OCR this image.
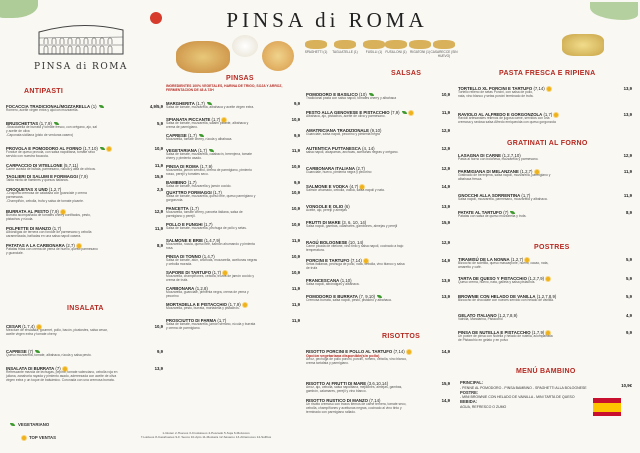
PINSA di ROMA
PINSA di ROMA
SPAGHETTI (1)	TAGLIATELLE (1)	FUSILLI (1) FUSILLONI (1)	RIGATONI (1) CASARECCE (SIN HUEVO)
ANTIPASTI
INSALATA
PINSAS
INGREDIENTES 100% VEGETALES, HARINA DE TRIGO, SOJA Y ARROZ, FERMENTACION DE 48 A 72H
SALSAS
RISOTTOS
PASTA FRESCA E RIPIENA
GRATINATI AL FORNO
POSTRES
MENÚ BAMBINO
FOCACCIA TRADICIONAL/MOZZARELLA (1)
Romero, aceite virgen extra y ajo/con mozzarella.
4,9/5,9
BRUSCHETTAS (1,7,9)
-Stracciatella de burrata y tomate fresco, con orégano, ajo, sal
y aceite de oliva
-Caponata siciliana (pisto de verduras casero)
5,9
PROVOLA E POMODORO AL FORNO (1,7,10)
Fondue de queso provola, con salsa napolitana, tomate seco
servido con nuestra focaccia.
10,9
CARPACCIO DI VITELLONE (5,7,11)
Carne curada de búfala, parmesano, rúcula y alita de cítricos.
11,9
TAGLIERI DI SALUMI E FORMAGGI (7,9)
Tabla mixta de fiambres y quesos italianos.
15,9
CROQUETAS X UND (1,2,7)
-Croqueta cremosa de calabaza con guanciale y crema
parmesana.
-Champiñón, cebolla, trufa y salsa de tomate picante.
2,5
BURRATA AL PESTO (7,9)
Burrata acompañada de tomates cherry confitados, pesto,
pistachos y rúcula.
12,9
POLPETTE DI MANZO (1,7)
Albóndigas de ternera con fondue de parmesano y cebolla
caramelizada, bañadas en una salsa napoli casera.
11,9
PATATAS A LA CARBONARA (2,7)
Patatas fritas con crema de yema de huevo, queso parmesano
y guanciale.
8,9
CESAR (1,7,4)
Mezclum de ensalada, gourmet, pollo, bacón, picatostes, salsa cesar,
aceite virgen extra y tomate cherry.
10,9
CAPRESE (7)
Queso mozzarella, tomate, albahaca, rúcula y salsa pesto.
9,9
INSALATA DI BURRATA (7)
Refrescante mezcla de lechugas, pepino, tomate valenciano, cebolla roja en
juliana, zanahoria rayada y pimiento asado, adereezada con aceite de oliva
virgen extra y un toque de balsámico. Coronada con una cremosa burrata.
13,9
MARGHERITA (1,7)
Salsa de tomate, mozzarella, albahaca y aceite virgen extra.
9,9
SPIANATA PICCANTE (1,7)
Salsa de tomate, mozzarella, salami picante, albahaca y
crema de parmigiano.
10,9
CAPRESE (1,7)
Mozzarella, tomate cherry, rúcula y albahaca.
9,9
VEGETARIANA (1,7)
Salsa de tomate, mozzarella, calabacín, berenjena, tomate
cherry y pimiento asado.
11,9
PINSA DI ROMA (1,7,9)
Mozzarella, jamón serrano, crema de parmigiano, pimiento
rosso, perejil y tomates seco.
10,9
BAMBINO (1,7)
Salsa de tomate, mozzarella y jamón cocido.
9,9
QUATTRO FORMAGGI (1,7)
Salsa de tomate, mozzarella, queso brie, queso parmigiano y
gorgonzola.
10,9
PANCETTA (1,7)
Mozzarella, tomate cherry, panceta italiana, salsa de
parmigiano y perejil.
10,9
POLLO E FUNGHI (1,7)
Salsa de tomate, mozzarella, pechuga de pollo y setas.
10,9
SALMONE E BRIE (1,4,7,9)
Mozzarella, rúcula, queso brie, salmón ahumando y pimienta
rosa.
11,9
PINSA DI TONNO (1,4,7)
Salsa de tomate, atún, anchoas, mozzarella, aceitunas negras
y cebolla morada.
10,9
SAPORE DI TARTUFO (1,7)
Mozzarella, champiñones, cebolla, trozos de jamón cocido y
crema de trufa.
10,9
CARBONARA (1,2,8)
Mozzarella, guanciale, pimienta negra, crema de yema y
pecorino
11,9
MORTADELLA E PISTACCHIO (1,7,9)
Mozzarella, pesto, burrata, mortadella y pistachos.
11,9
PROSCIUTTO DI PARMA (1,7)
Salsa de tomate, mozzarella, jamón serrano, rúcula y burrata
y crema de parmigiano.
11,9
POMODORO E BASILICO (10)
Tradicional pasta con salsa napoli, tomates cherry y albahaca
10,9
PESTO ALLA GENOVESE E PISTACCHIO (7,9)
Albahaca, ajo, pistachos, aceite de oliva y parmesano.
11,9
AMATRICIANA TRADIZIONALE (9,10)
Guanciale, salsa napoli, pecorino y pimienta negra
12,9
AUTENTICA PUTTANESCA (4, 14)
salsa napoli, alcaparras, anchoas, aceitunas negras y orégano.
12,9
CARBONARA ITALIANA (2,7)
Guanciale, huevo, pimienta negra y pecorino
12,9
SALMONE E VODKA (4,7)
Salmón ahumado, cebolla, vodka, salsa napoli y nata.
14,9
VONGOLE E OLIO (6)
Aceite, ajo, perejil y almejas
13,9
FRUTTI DI MARE (3, 6, 10, 14)
Salsa napoli, gambas, calamares, gambones, almejas y perejil
15,9
RAGÚ BOLOGNESE (10, 14)
Carne picada de vitelone, vino tinto y salsa napoli, cocinado a bajo
temperatura.
12,9
PORCINI E TARTUFO (7,14)
Setas italianas, pechuga de pollo, nata, cebolla, vino blanco y salsa
de trufa
14,9
FRANCESCANA (1,10)
Salsa napoli, albóndigas y albahaca.
13,9
POMODORO E BURRATA (7, 9,10)
Cremosa burrata, salsa napoli, pesto, pistacho y albahaca.
13,9
RISOTTO PORCINI E POLLO AL TARTUFO (7,14)
Opción vegetariana disponible(sin pollo)
Arroz, pechuga de pollo porcini, porcini, romero, cebolla, vino blanco,
crema tartufata y parmigiano.
14,9
RISOTTO AI FRUTTI DI MARE (3,6,10,14)
Arroz, ajo, cebolla, salsa napolitana, mejillones, almejas, gambas,
gambón, calamares, perejil y vino blanco.
15,9
RISOTTO RUSTICO DI MANZO (7,14)
Un risotto cremoso con trozos tiernos de carne ternera, tomate seco,
cebolla, champiñones y aceitunas negras, cocinado al vino tinto y
terminado con parmigiano rallado.
14,9
TORTELLO XL PORCINI E TARTUFO (7,14)
Tortello relleno de setas Porcini, con salsa de pollo,
nata, vino blanco y setas porcini terminado de trufa.
13,9
RAVIOLO AL ALFREDO E GORGONZOLA (1,7)
Ravioli artesanales rellenos de jugosa carne, servidos con una
cremosa y sedosa salsa Alfredo enriquecida con queso gorgonzola
13,9
LASAGNA DI CARNE (1,2,7,10)
Pasta al horno con boloñesa, mozzarella y parmesano.
12,9
PARMIGIANA DI MELANZANE (1,2,7)
Gratinado de berenjena, salsa napoli, mozzarella, parmigiano y
albahaca fresca.
11,9
GNOCCHI ALLA SORRENTINA (1,7)
Salsa napoli, mozzarella, parmesano, mozzarella y albahaca.
11,9
PATATE AL TARTUFO (7)
Patatas con salsa de queso mozzarella y trufa.
8,9
TIRAMISÚ DE LA NONNA (1,2,7)
Bizcocho de soletilla, queso mascarpone, huevo, cacao, nata,
amaretto y café.
5,9
TARTA DE QUESO Y PISTACCHIO (1,2,7,9)
Queso crema, huevo, nata, galleta y salsa pistachos.
5,9
BROWNIE CON HELADO DE VANILLA (1,2,7,8,9)
Bizcocho de chocolate con nueces servido con helado de vainilla.
5,9
GELATO ITALIANO (1,2,7,8,9)
Vainilla, Mandarina, Pistacchio
4,9
PINSA DE NUTELLA E PISTACCHIO (1,7,9)
Un postre de pinsa con Nutella y helado de nutella, acompañada
de Pistacchio en gelato y en polvo
9,9
VEGETARIANO
TOP VENTAS
1-Gluten 2-Huevos 3-Crustáceos 4-Pescado 5-Soja 6-Moluscos
7-Lácteos 8-Cacahuetes 9-F. Secos 10-Apio 11-Mostaza 12-Sésamo 13-Altramuces 14-Sulfitos
10,9€
PRINCIPAL:
- PENNE AL POMODORO - PINSA BAMBINO - SPAGHETTI ALLA BOLOGNESE
POSTRE:
- MINI BROWNIE CON HELADO DE VAINILLA - MINI TARTA DE QUESO
BEBIDA:
AGUA, REFRESCO O ZUMO
